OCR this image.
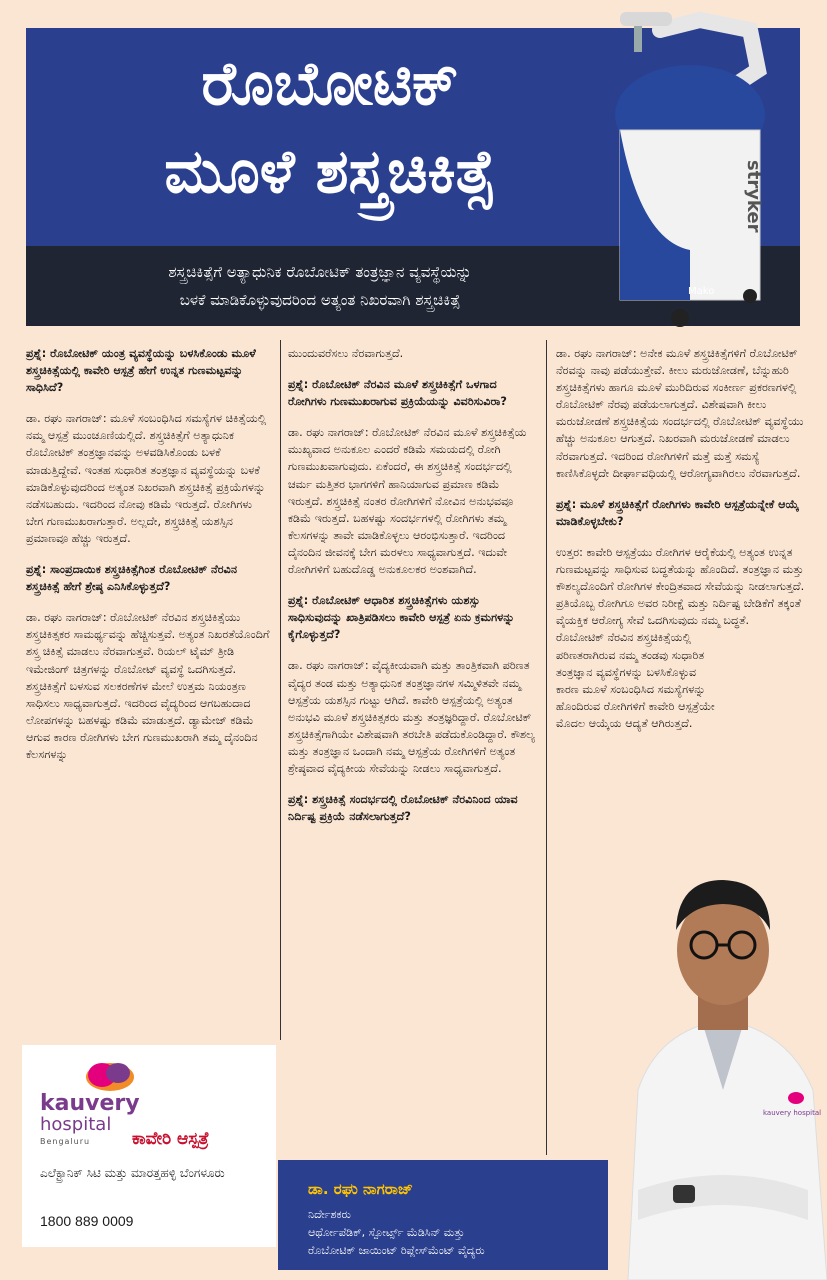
ರೊಬೋಟಿಕ್
ಮೂಳೆ ಶಸ್ತ್ರಚಿಕಿತ್ಸೆ
ಶಸ್ತ್ರಚಿಕಿತ್ಸೆಗೆ ಅತ್ಯಾಧುನಿಕ ರೊಬೋಟಿಕ್ ತಂತ್ರಜ್ಞಾನ ವ್ಯವಸ್ಥೆಯನ್ನು
ಬಳಕೆ ಮಾಡಿಕೊಳ್ಳುವುದರಿಂದ ಅತ್ಯಂತ ನಿಖರವಾಗಿ ಶಸ್ತ್ರಚಿಕಿತ್ಸೆ
stryker
Mako

ಪ್ರಶ್ನೆ: ರೊಬೋಟಿಕ್ ಯಂತ್ರ ವ್ಯವಸ್ಥೆಯನ್ನು ಬಳಸಿಕೊಂಡು ಮೂಳೆ ಶಸ್ತ್ರಚಿಕಿತ್ಸೆಯಲ್ಲಿ ಕಾವೇರಿ ಆಸ್ಪತ್ರೆ ಹೇಗೆ ಉನ್ನತ ಗುಣಮಟ್ಟವನ್ನು ಸಾಧಿಸಿದೆ?

ಡಾ. ರಘು ನಾಗರಾಜ್: ಮೂಳೆ ಸಂಬಂಧಿಸಿದ ಸಮಸ್ಯೆಗಳ ಚಿಕಿತ್ಸೆಯಲ್ಲಿ ನಮ್ಮ ಆಸ್ಪತ್ರೆ ಮುಂಚೂಣಿಯಲ್ಲಿದೆ. ಶಸ್ತ್ರಚಿಕಿತ್ಸೆಗೆ ಅತ್ಯಾಧುನಿಕ ರೊಬೋಟಿಕ್ ತಂತ್ರಜ್ಞಾನವನ್ನು ಅಳವಡಿಸಿಕೊಂಡು ಬಳಕೆ ಮಾಡುತ್ತಿದ್ದೇವೆ. ಇಂತಹ ಸುಧಾರಿತ ತಂತ್ರಜ್ಞಾನ ವ್ಯವಸ್ಥೆಯನ್ನು ಬಳಕೆ ಮಾಡಿಕೊಳ್ಳುವುದರಿಂದ ಅತ್ಯಂತ ನಿಖರವಾಗಿ ಶಸ್ತ್ರಚಿಕಿತ್ಸೆ ಪ್ರಕ್ರಿಯೆಗಳನ್ನು ನಡೆಸಬಹುದು. ಇದರಿಂದ ನೋವು ಕಡಿಮೆ ಇರುತ್ತದೆ. ರೋಗಿಗಳು ಬೇಗ ಗುಣಮುಖರಾಗುತ್ತಾರೆ. ಅಲ್ಲದೇ, ಶಸ್ತ್ರಚಿಕಿತ್ಸೆ ಯಶಸ್ಸಿನ ಪ್ರಮಾಣವೂ ಹೆಚ್ಚು ಇರುತ್ತದೆ.

ಪ್ರಶ್ನೆ: ಸಾಂಪ್ರದಾಯಿಕ ಶಸ್ತ್ರಚಿಕಿತ್ಸೆಗಿಂತ ರೊಬೋಟಿಕ್ ನೆರವಿನ ಶಸ್ತ್ರಚಿಕಿತ್ಸೆ ಹೇಗೆ ಶ್ರೇಷ್ಠ ಎನಿಸಿಕೊಳ್ಳುತ್ತದೆ?

ಡಾ. ರಘು ನಾಗರಾಜ್: ರೊಬೋಟಿಕ್ ನೆರವಿನ ಶಸ್ತ್ರಚಿಕಿತ್ಸೆಯು ಶಸ್ತ್ರಚಿಕಿತ್ಸಕರ ಸಾಮರ್ಥ್ಯವನ್ನು ಹೆಚ್ಚಿಸುತ್ತವೆ. ಅತ್ಯಂತ ನಿಖರತೆಯೊಂದಿಗೆ ಶಸ್ತ್ರ ಚಿಕಿತ್ಸೆ ಮಾಡಲು ನೆರವಾಗುತ್ತವೆ. ರಿಯಲ್ ಟೈಮ್ ತ್ರೀಡಿ ಇಮೇಜಿಂಗ್ ಚಿತ್ರಗಳನ್ನು ರೊಬೋಟ್ ವ್ಯವಸ್ಥೆ ಒದಗಿಸುತ್ತದೆ. ಶಸ್ತ್ರಚಿಕಿತ್ಸೆಗೆ ಬಳಸುವ ಸಲಕರಣೆಗಳ ಮೇಲೆ ಉತ್ತಮ ನಿಯಂತ್ರಣ ಸಾಧಿಸಲು ಸಾಧ್ಯವಾಗುತ್ತದೆ. ಇದರಿಂದ ವೈದ್ಯರಿಂದ ಆಗಬಹುದಾದ ಲೋಪಗಳನ್ನು ಬಹಳಷ್ಟು ಕಡಿಮೆ ಮಾಡುತ್ತದೆ. ಡ್ಯಾಮೇಜ್ ಕಡಿಮೆ ಆಗುವ ಕಾರಣ ರೋಗಿಗಳು ಬೇಗ ಗುಣಮುಖರಾಗಿ ತಮ್ಮ ದೈನಂದಿನ ಕೆಲಸಗಳನ್ನು

ಮುಂದುವರೆಸಲು ನೆರವಾಗುತ್ತದೆ.

ಪ್ರಶ್ನೆ: ರೊಬೋಟಿಕ್ ನೆರವಿನ ಮೂಳೆ ಶಸ್ತ್ರಚಿಕಿತ್ಸೆಗೆ ಒಳಗಾದ ರೋಗಿಗಳು ಗುಣಮುಖರಾಗುವ ಪ್ರಕ್ರಿಯೆಯನ್ನು ವಿವರಿಸುವಿರಾ?

ಡಾ. ರಘು ನಾಗರಾಜ್: ರೊಬೋಟಿಕ್ ನೆರವಿನ ಮೂಳೆ ಶಸ್ತ್ರಚಿಕಿತ್ಸೆಯ ಮುಖ್ಯವಾದ ಅನುಕೂಲ ಎಂದರೆ ಕಡಿಮೆ ಸಮಯದಲ್ಲಿ ರೋಗಿ ಗುಣಮುಖವಾಗುವುದು. ಏಕೆಂದರೆ, ಈ ಶಸ್ತ್ರಚಿಕಿತ್ಸೆ ಸಂದರ್ಭದಲ್ಲಿ ಚರ್ಮ ಮತ್ತಿತರ ಭಾಗಗಳಿಗೆ ಹಾನಿಯಾಗುವ ಪ್ರಮಾಣ ಕಡಿಮೆ ಇರುತ್ತದೆ. ಶಸ್ತ್ರಚಿಕಿತ್ಸೆ ನಂತರ ರೋಗಿಗಳಿಗೆ ನೋವಿನ ಅನುಭವವೂ ಕಡಿಮೆ ಇರುತ್ತದೆ. ಬಹಳಷ್ಟು ಸಂದರ್ಭಗಳಲ್ಲಿ ರೋಗಿಗಳು ತಮ್ಮ ಕೆಲಸಗಳನ್ನು ತಾವೇ ಮಾಡಿಕೊಳ್ಳಲು ಆರಂಭಿಸುತ್ತಾರೆ. ಇದರಿಂದ ದೈನಂದಿನ ಜೀವನಕ್ಕೆ ಬೇಗ ಮರಳಲು ಸಾಧ್ಯವಾಗುತ್ತದೆ. ಇದುವೇ ರೋಗಿಗಳಿಗೆ ಬಹುದೊಡ್ಡ ಅನುಕೂಲಕರ ಅಂಶವಾಗಿದೆ.

ಪ್ರಶ್ನೆ: ರೊಬೋಟಿಕ್ ಆಧಾರಿತ ಶಸ್ತ್ರಚಿಕಿತ್ಸೆಗಳು ಯಶಸ್ಸು ಸಾಧಿಸುವುದನ್ನು ಖಾತ್ರಿಪಡಿಸಲು ಕಾವೇರಿ ಆಸ್ಪತ್ರೆ ಏನು ಕ್ರಮಗಳನ್ನು ಕೈಗೊಳ್ಳುತ್ತದೆ?

ಡಾ. ರಘು ನಾಗರಾಜ್: ವೈದ್ಯಕೀಯವಾಗಿ ಮತ್ತು ತಾಂತ್ರಿಕವಾಗಿ ಪರಿಣತ ವೈದ್ಯರ ತಂಡ ಮತ್ತು ಅತ್ಯಾಧುನಿಕ ತಂತ್ರಜ್ಞಾನಗಳ ಸಮ್ಮಿಳಿತವೇ ನಮ್ಮ ಆಸ್ಪತ್ರೆಯ ಯಶಸ್ಸಿನ ಗುಟ್ಟು ಆಗಿದೆ. ಕಾವೇರಿ ಆಸ್ಪತ್ರೆಯಲ್ಲಿ ಅತ್ಯಂತ ಅನುಭವಿ ಮೂಳೆ ಶಸ್ತ್ರಚಿಕಿತ್ಸಕರು ಮತ್ತು ತಂತ್ರಜ್ಞರಿದ್ದಾರೆ. ರೊಬೋಟಿಕ್ ಶಸ್ತ್ರಚಿಕಿತ್ಸೆಗಾಗಿಯೇ ವಿಶೇಷವಾಗಿ ತರಬೇತಿ ಪಡೆದುಕೊಂಡಿದ್ದಾರೆ. ಕೌಶಲ್ಯ ಮತ್ತು ತಂತ್ರಜ್ಞಾನ ಒಂದಾಗಿ ನಮ್ಮ ಆಸ್ಪತ್ರೆಯ ರೋಗಿಗಳಿಗೆ ಅತ್ಯಂತ ಶ್ರೇಷ್ಠವಾದ ವೈದ್ಯಕೀಯ ಸೇವೆಯನ್ನು ನೀಡಲು ಸಾಧ್ಯವಾಗುತ್ತದೆ.

ಪ್ರಶ್ನೆ: ಶಸ್ತ್ರಚಿಕಿತ್ಸೆ ಸಂದರ್ಭದಲ್ಲಿ ರೊಬೋಟಿಕ್ ನೆರವಿನಿಂದ ಯಾವ ನಿರ್ದಿಷ್ಟ ಪ್ರಕ್ರಿಯೆ ನಡೆಸಲಾಗುತ್ತದೆ?

ಡಾ. ರಘು ನಾಗರಾಜ್: ಅನೇಕ ಮೂಳೆ ಶಸ್ತ್ರಚಿಕಿತ್ಸೆಗಳಿಗೆ ರೊಬೋಟಿಕ್ ನೆರವನ್ನು ನಾವು ಪಡೆಯುತ್ತೇವೆ. ಕೀಲು ಮರುಜೋಡಣೆ, ಬೆನ್ನುಹುರಿ ಶಸ್ತ್ರಚಿಕಿತ್ಸೆಗಳು ಹಾಗೂ ಮೂಳೆ ಮುರಿದಿರುವ ಸಂಕೀರ್ಣ ಪ್ರಕರಣಗಳಲ್ಲಿ ರೊಬೋಟಿಕ್ ನೆರವು ಪಡೆಯಲಾಗುತ್ತದೆ. ವಿಶೇಷವಾಗಿ ಕೀಲು ಮರುಜೋಡಣೆ ಶಸ್ತ್ರಚಿಕಿತ್ಸೆಯ ಸಂದರ್ಭದಲ್ಲಿ ರೊಬೋಟಿಕ್ ವ್ಯವಸ್ಥೆಯು ಹೆಚ್ಚು ಅನುಕೂಲ ಆಗುತ್ತದೆ. ನಿಖರವಾಗಿ ಮರುಜೋಡಣೆ ಮಾಡಲು ನೆರವಾಗುತ್ತದೆ. ಇದರಿಂದ ರೋಗಿಗಳಿಗೆ ಮತ್ತೆ ಮತ್ತೆ ಸಮಸ್ಯೆ ಕಾಣಿಸಿಕೊಳ್ಳದೇ ದೀರ್ಘಾವಧಿಯಲ್ಲಿ ಆರೋಗ್ಯವಾಗಿರಲು ನೆರವಾಗುತ್ತದೆ.

ಪ್ರಶ್ನೆ: ಮೂಳೆ ಶಸ್ತ್ರಚಿಕಿತ್ಸೆಗೆ ರೋಗಿಗಳು ಕಾವೇರಿ ಆಸ್ಪತ್ರೆಯನ್ನೇಕೆ ಆಯ್ಕೆ ಮಾಡಿಕೊಳ್ಳಬೇಕು?

ಉತ್ತರ: ಕಾವೇರಿ ಆಸ್ಪತ್ರೆಯು ರೋಗಿಗಳ ಆರೈಕೆಯಲ್ಲಿ ಅತ್ಯಂತ ಉನ್ನತ ಗುಣಮಟ್ಟವನ್ನು ಸಾಧಿಸುವ ಬದ್ಧತೆಯನ್ನು ಹೊಂದಿದೆ. ತಂತ್ರಜ್ಞಾನ ಮತ್ತು ಕೌಶಲ್ಯದೊಂದಿಗೆ ರೋಗಿಗಳ ಕೇಂದ್ರಿತವಾದ ಸೇವೆಯನ್ನು ನೀಡಲಾಗುತ್ತದೆ. ಪ್ರತಿಯೊಬ್ಬ ರೋಗಿಗೂ ಅವರ ನಿರೀಕ್ಷೆ ಮತ್ತು ನಿರ್ದಿಷ್ಟ ಬೇಡಿಕೆಗೆ ತಕ್ಕಂತೆ ವೈಯಕ್ತಿಕ ಆರೋಗ್ಯ ಸೇವೆ ಒದಗಿಸುವುದು ನಮ್ಮ ಬದ್ಧತೆ.

ರೊಬೋಟಿಕ್ ನೆರವಿನ ಶಸ್ತ್ರಚಿಕಿತ್ಸೆಯಲ್ಲಿ ಪರಿಣತರಾಗಿರುವ ನಮ್ಮ ತಂಡವು ಸುಧಾರಿತ ತಂತ್ರಜ್ಞಾನ ವ್ಯವಸ್ಥೆಗಳನ್ನು ಬಳಸಿಕೊಳ್ಳುವ ಕಾರಣ ಮೂಳೆ ಸಂಬಂಧಿಸಿದ ಸಮಸ್ಯೆಗಳನ್ನು ಹೊಂದಿರುವ ರೋಗಿಗಳಿಗೆ ಕಾವೇರಿ ಆಸ್ಪತ್ರೆಯೇ ಮೊದಲ ಆಯ್ಕೆಯ ಆದ್ಯತೆ ಆಗಿರುತ್ತದೆ.

kauvery
hospital
Bengaluru ಕಾವೇರಿ ಆಸ್ಪತ್ರೆ
ಎಲೆಕ್ಟ್ರಾನಿಕ್ ಸಿಟಿ ಮತ್ತು ಮಾರತ್ತಹಳ್ಳಿ ಬೆಂಗಳೂರು
1800 889 0009
ಡಾ. ರಘು ನಾಗರಾಜ್
ನಿರ್ದೇಶಕರು
ಆರ್ಥೋಪೆಡಿಕ್, ಸ್ಪೋರ್ಟ್ಸ್ ಮೆಡಿಸಿನ್ ಮತ್ತು
ರೊಬೋಟಿಕ್ ಜಾಯಿಂಟ್ ರಿಪ್ಲೇಸ್‌ಮೆಂಟ್ ವೈದ್ಯರು
kauvery hospital
